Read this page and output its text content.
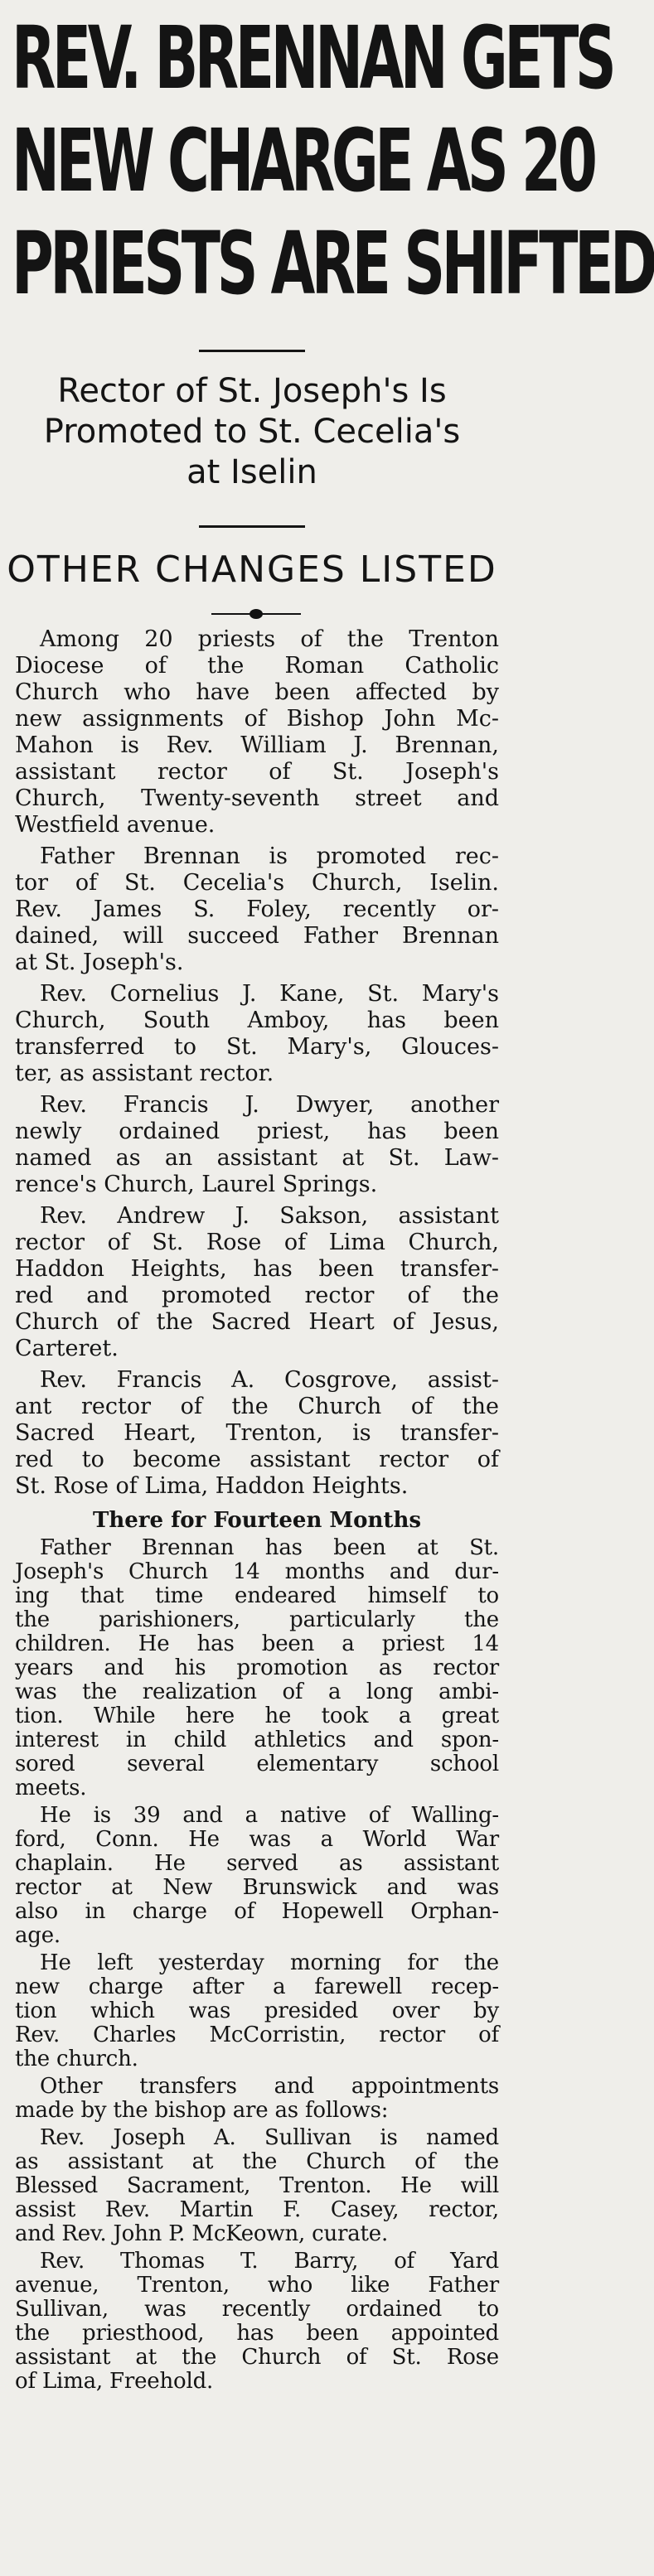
REV. BRENNAN GETS
NEW CHARGE AS 20
PRIESTS ARE SHIFTED
Rector of St. Joseph's Is
Promoted to St. Cecelia's
at Iselin
OTHER CHANGES LISTED
Among 20 priests of the Trenton
Diocese of the Roman Catholic
Church who have been affected by
new assignments of Bishop John Mc-
Mahon is Rev. William J. Brennan,
assistant rector of St. Joseph's
Church, Twenty-seventh street and
Westfield avenue.
Father Brennan is promoted rec-
tor of St. Cecelia's Church, Iselin.
Rev. James S. Foley, recently or-
dained, will succeed Father Brennan
at St. Joseph's.
Rev. Cornelius J. Kane, St. Mary's
Church, South Amboy, has been
transferred to St. Mary's, Glouces-
ter, as assistant rector.
Rev. Francis J. Dwyer, another
newly ordained priest, has been
named as an assistant at St. Law-
rence's Church, Laurel Springs.
Rev. Andrew J. Sakson, assistant
rector of St. Rose of Lima Church,
Haddon Heights, has been transfer-
red and promoted rector of the
Church of the Sacred Heart of Jesus,
Carteret.
Rev. Francis A. Cosgrove, assist-
ant rector of the Church of the
Sacred Heart, Trenton, is transfer-
red to become assistant rector of
St. Rose of Lima, Haddon Heights.
There for Fourteen Months
Father Brennan has been at St.
Joseph's Church 14 months and dur-
ing that time endeared himself to
the parishioners, particularly the
children. He has been a priest 14
years and his promotion as rector
was the realization of a long ambi-
tion. While here he took a great
interest in child athletics and spon-
sored several elementary school
meets.
He is 39 and a native of Walling-
ford, Conn. He was a World War
chaplain. He served as assistant
rector at New Brunswick and was
also in charge of Hopewell Orphan-
age.
He left yesterday morning for the
new charge after a farewell recep-
tion which was presided over by
Rev. Charles McCorristin, rector of
the church.
Other transfers and appointments
made by the bishop are as follows:
Rev. Joseph A. Sullivan is named
as assistant at the Church of the
Blessed Sacrament, Trenton. He will
assist Rev. Martin F. Casey, rector,
and Rev. John P. McKeown, curate.
Rev. Thomas T. Barry, of Yard
avenue, Trenton, who like Father
Sullivan, was recently ordained to
the priesthood, has been appointed
assistant at the Church of St. Rose
of Lima, Freehold.
